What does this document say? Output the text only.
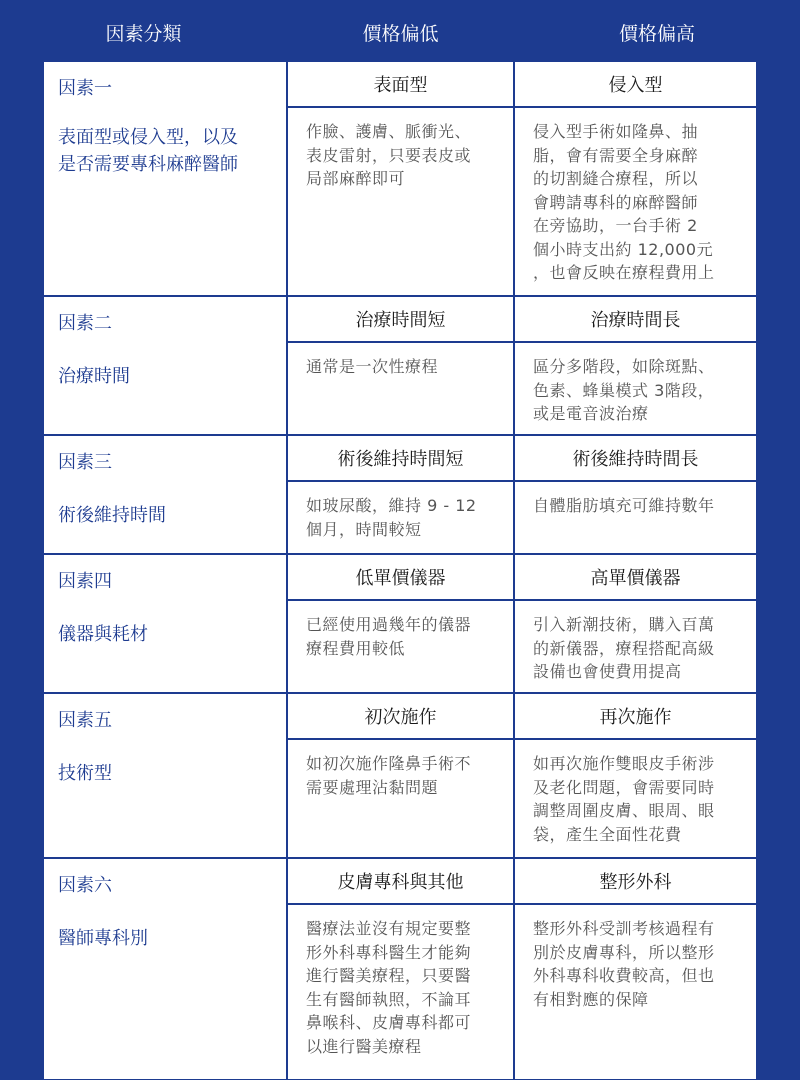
因素分類	價格偏低	價格偏高
因素一
表面型或侵入型，以及
是否需要專科麻醉醫師
表面型
作臉、護膚、脈衝光、
表皮雷射，只要表皮或
局部麻醉即可
侵入型
侵入型手術如隆鼻、抽
脂，會有需要全身麻醉
的切割縫合療程，所以
會聘請專科的麻醉醫師
在旁協助，一台手術 2
個小時支出約 12,000元
，也會反映在療程費用上
因素二
治療時間
治療時間短
通常是一次性療程
治療時間長
區分多階段，如除斑點、
色素、蜂巢模式 3階段，
或是電音波治療
因素三
術後維持時間
術後維持時間短
如玻尿酸，維持 9 - 12
個月，時間較短
術後維持時間長
自體脂肪填充可維持數年
因素四
儀器與耗材
低單價儀器
已經使用過幾年的儀器
療程費用較低
高單價儀器
引入新潮技術，購入百萬
的新儀器，療程搭配高級
設備也會使費用提高
因素五
技術型
初次施作
如初次施作隆鼻手術不
需要處理沾黏問題
再次施作
如再次施作雙眼皮手術涉
及老化問題，會需要同時
調整周圍皮膚、眼周、眼
袋，產生全面性花費
因素六
醫師專科別
皮膚專科與其他
醫療法並沒有規定要整
形外科專科醫生才能夠
進行醫美療程，只要醫
生有醫師執照，不論耳
鼻喉科、皮膚專科都可
以進行醫美療程
整形外科
整形外科受訓考核過程有
別於皮膚專科，所以整形
外科專科收費較高，但也
有相對應的保障
